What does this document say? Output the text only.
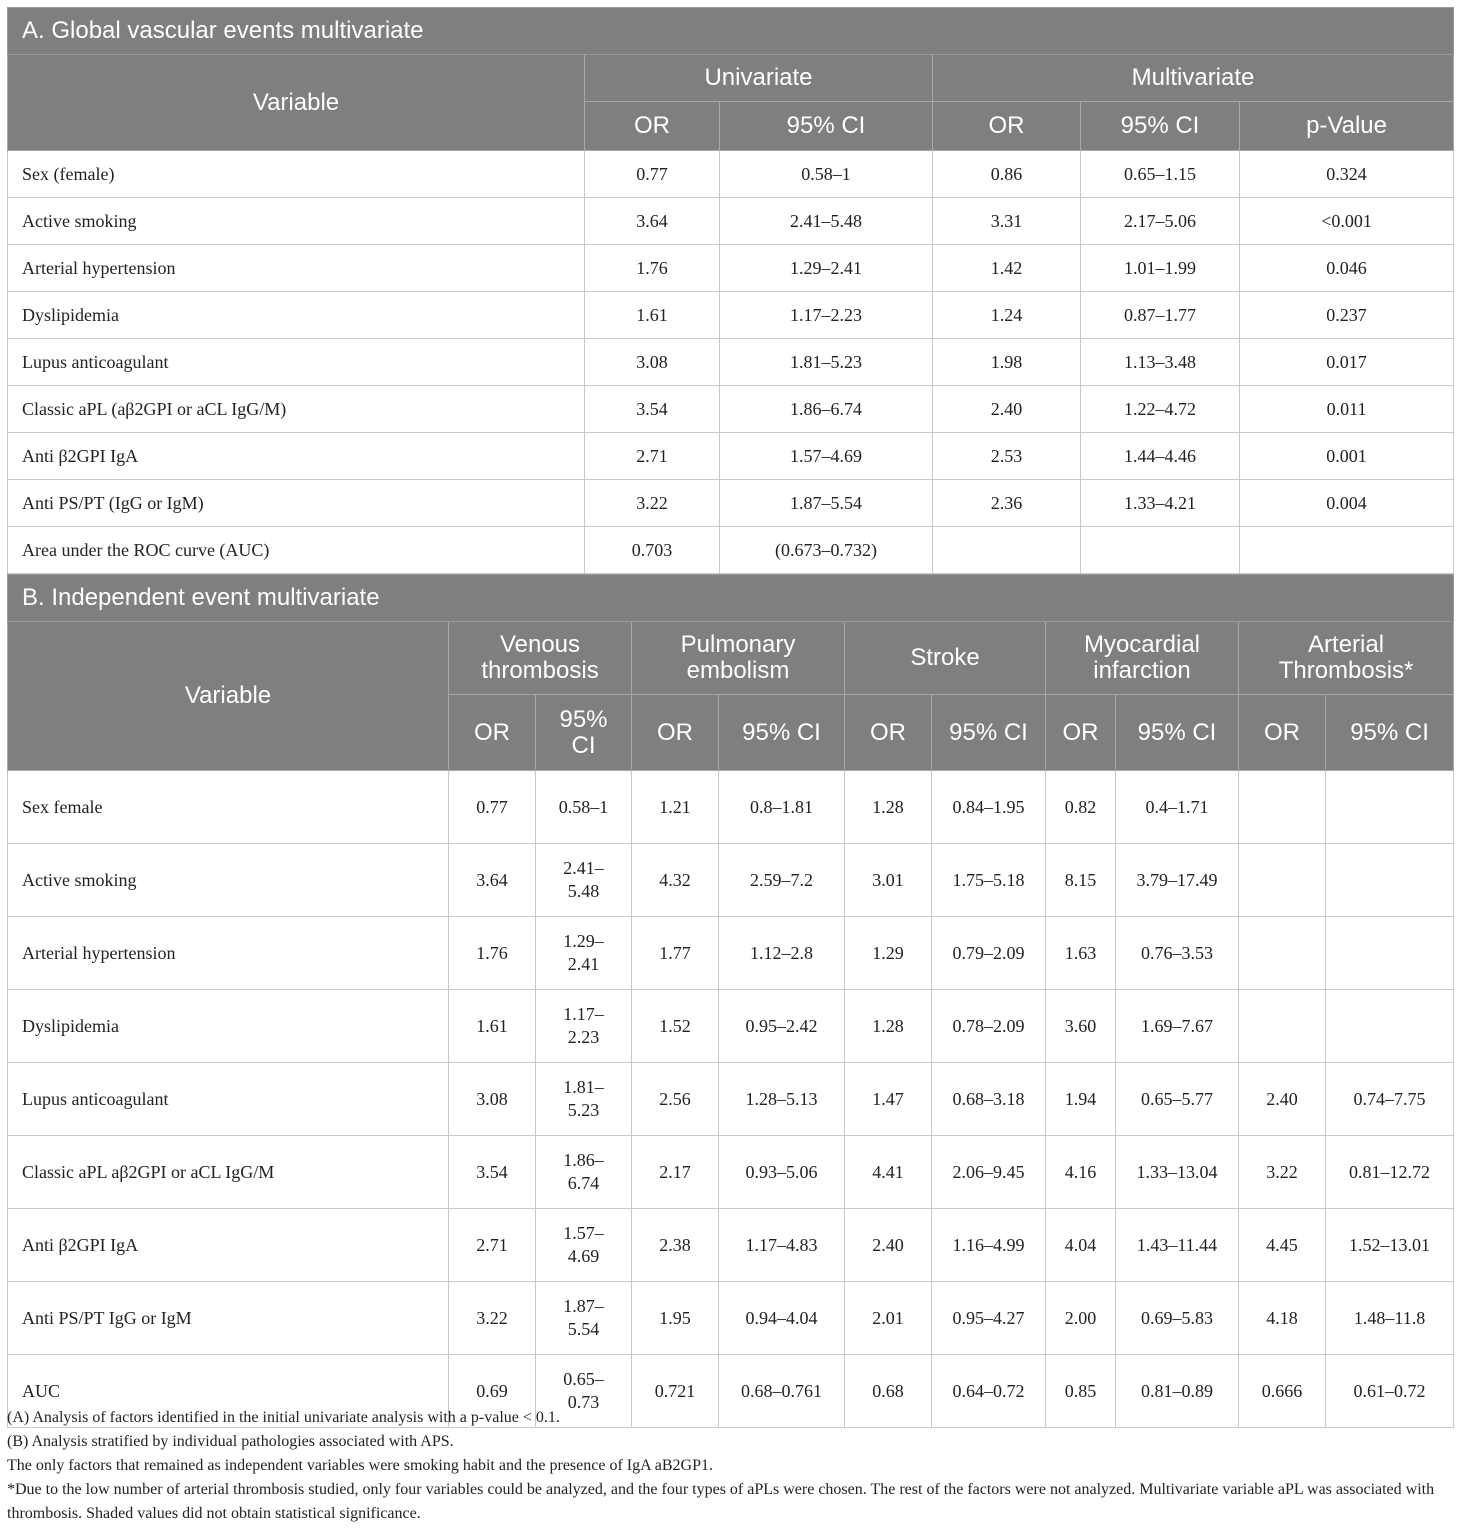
A. Global vascular events multivariate					
Variable	Univariate		Multivariate		
	OR	95% CI	OR	95% CI	p-Value
Sex (female)	0.77	0.58–1	0.86	0.65–1.15	0.324
Active smoking	3.64	2.41–5.48	3.31	2.17–5.06	<0.001
Arterial hypertension	1.76	1.29–2.41	1.42	1.01–1.99	0.046
Dyslipidemia	1.61	1.17–2.23	1.24	0.87–1.77	0.237
Lupus anticoagulant	3.08	1.81–5.23	1.98	1.13–3.48	0.017
Classic aPL (aβ2GPI or aCL IgG/M)	3.54	1.86–6.74	2.40	1.22–4.72	0.011
Anti β2GPI IgA	2.71	1.57–4.69	2.53	1.44–4.46	0.001
Anti PS/PT (IgG or IgM)	3.22	1.87–5.54	2.36	1.33–4.21	0.004
Area under the ROC curve (AUC)	0.703	(0.673–0.732)			
B. Independent event multivariate										
Variable	Venous thrombosis		Pulmonary embolism		Stroke		Myocardial infarction		Arterial Thrombosis*	
	OR	95% CI	OR	95% CI	OR	95% CI	OR	95% CI	OR	95% CI
Sex female	0.77	0.58–1	1.21	0.8–1.81	1.28	0.84–1.95	0.82	0.4–1.71		
Active smoking	3.64	2.41–5.48	4.32	2.59–7.2	3.01	1.75–5.18	8.15	3.79–17.49		
Arterial hypertension	1.76	1.29–2.41	1.77	1.12–2.8	1.29	0.79–2.09	1.63	0.76–3.53		
Dyslipidemia	1.61	1.17–2.23	1.52	0.95–2.42	1.28	0.78–2.09	3.60	1.69–7.67		
Lupus anticoagulant	3.08	1.81–5.23	2.56	1.28–5.13	1.47	0.68–3.18	1.94	0.65–5.77	2.40	0.74–7.75
Classic aPL aβ2GPI or aCL IgG/M	3.54	1.86–6.74	2.17	0.93–5.06	4.41	2.06–9.45	4.16	1.33–13.04	3.22	0.81–12.72
Anti β2GPI IgA	2.71	1.57–4.69	2.38	1.17–4.83	2.40	1.16–4.99	4.04	1.43–11.44	4.45	1.52–13.01
Anti PS/PT IgG or IgM	3.22	1.87–5.54	1.95	0.94–4.04	2.01	0.95–4.27	2.00	0.69–5.83	4.18	1.48–11.8
AUC	0.69	0.65–0.73	0.721	0.68–0.761	0.68	0.64–0.72	0.85	0.81–0.89	0.666	0.61–0.72

(A) Analysis of factors identified in the initial univariate analysis with a p-value < 0.1.

(B) Analysis stratified by individual pathologies associated with APS.

The only factors that remained as independent variables were smoking habit and the presence of IgA aB2GP1.

*Due to the low number of arterial thrombosis studied, only four variables could be analyzed, and the four types of aPLs were chosen. The rest of the factors were not analyzed. Multivariate variable aPL was associated with thrombosis. Shaded values did not obtain statistical significance.
